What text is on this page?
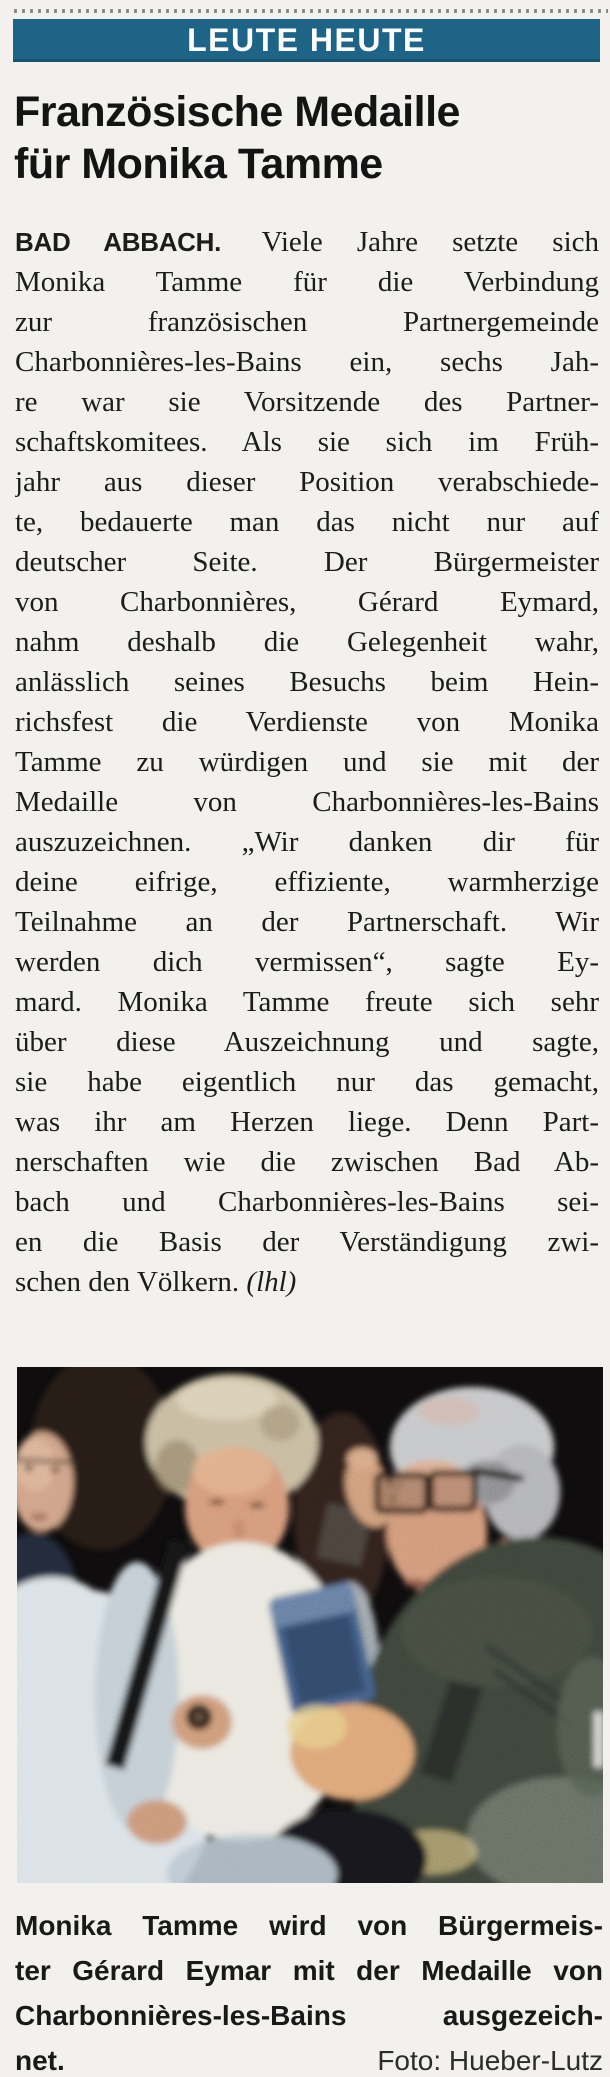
LEUTE HEUTE
Französische Medaille
für Monika Tamme
BAD ABBACH. Viele Jahre setzte sich
Monika Tamme für die Verbindung
zur französischen Partnergemeinde
Charbonnières-les-Bains ein, sechs Jah-
re war sie Vorsitzende des Partner-
schaftskomitees. Als sie sich im Früh-
jahr aus dieser Position verabschiede-
te, bedauerte man das nicht nur auf
deutscher Seite. Der Bürgermeister
von Charbonnières, Gérard Eymard,
nahm deshalb die Gelegenheit wahr,
anlässlich seines Besuchs beim Hein-
richsfest die Verdienste von Monika
Tamme zu würdigen und sie mit der
Medaille von Charbonnières-les-Bains
auszuzeichnen. „Wir danken dir für
deine eifrige, effiziente, warmherzige
Teilnahme an der Partnerschaft. Wir
werden dich vermissen“, sagte Ey-
mard. Monika Tamme freute sich sehr
über diese Auszeichnung und sagte,
sie habe eigentlich nur das gemacht,
was ihr am Herzen liege. Denn Part-
nerschaften wie die zwischen Bad Ab-
bach und Charbonnières-les-Bains sei-
en die Basis der Verständigung zwi-
schen den Völkern. (lhl)
Monika Tamme wird von Bürgermeis-
ter Gérard Eymar mit der Medaille von
Charbonnières-les-Bains ausgezeich-
net.	Foto: Hueber-Lutz
